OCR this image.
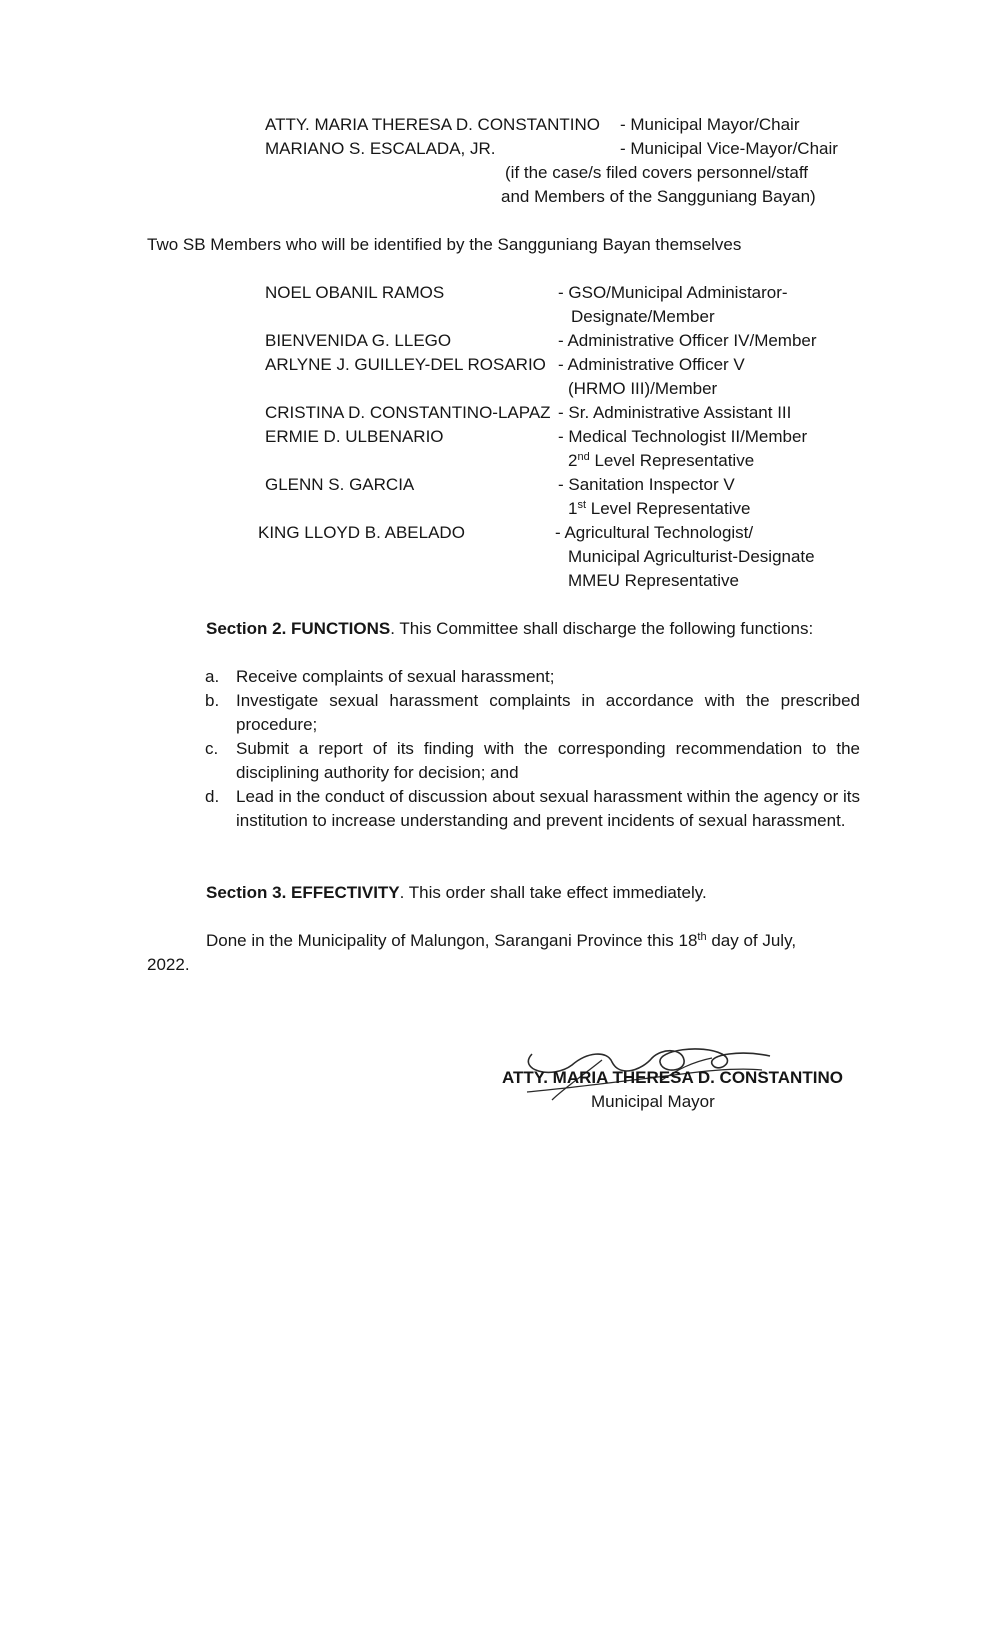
ATTY. MARIA THERESA D. CONSTANTINO - Municipal Mayor/Chair
MARIANO S. ESCALADA, JR.	- Municipal Vice-Mayor/Chair
(if the case/s filed covers personnel/staff
and Members of the Sangguniang Bayan)
Two SB Members who will be identified by the Sangguniang Bayan themselves
NOEL OBANIL RAMOS	- GSO/Municipal Administaror-
Designate/Member
BIENVENIDA G. LLEGO	- Administrative Officer IV/Member
ARLYNE J. GUILLEY-DEL ROSARIO - Administrative Officer V
(HRMO III)/Member
CRISTINA D. CONSTANTINO-LAPAZ - Sr. Administrative Assistant III
ERMIE D. ULBENARIO	- Medical Technologist II/Member
2nd Level Representative
GLENN S. GARCIA	- Sanitation Inspector V
1st Level Representative
KING LLOYD B. ABELADO	- Agricultural Technologist/
Municipal Agriculturist-Designate
MMEU Representative
Section 2. FUNCTIONS. This Committee shall discharge the following functions:
a. Receive complaints of sexual harassment;
b. Investigate sexual harassment complaints in accordance with the prescribed procedure;
c. Submit a report of its finding with the corresponding recommendation to the disciplining authority for decision; and
d. Lead in the conduct of discussion about sexual harassment within the agency or its institution to increase understanding and prevent incidents of sexual harassment.
Section 3. EFFECTIVITY. This order shall take effect immediately.
Done in the Municipality of Malungon, Sarangani Province this 18th day of July,
2022.
ATTY. MARIA THERESA D. CONSTANTINO
Municipal Mayor
